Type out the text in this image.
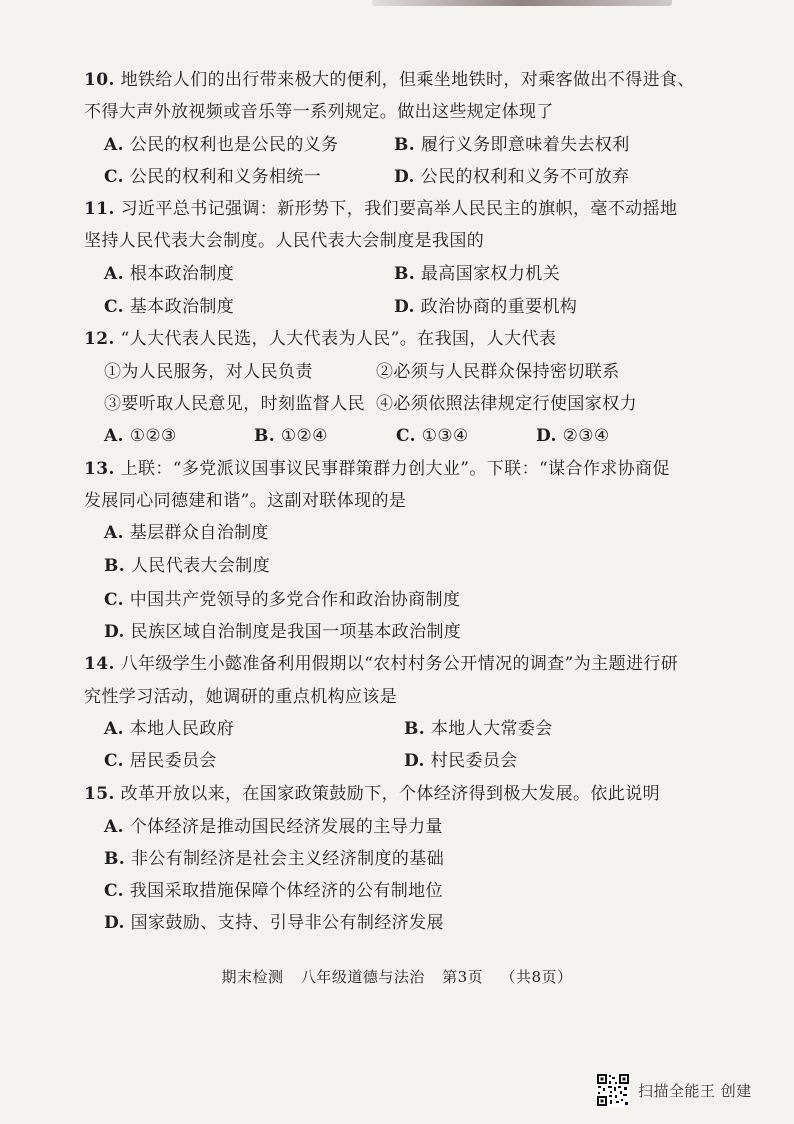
10. 地铁给人们的出行带来极大的便利，但乘坐地铁时，对乘客做出不得进食、
不得大声外放视频或音乐等一系列规定。做出这些规定体现了
A. 公民的权利也是公民的义务	B. 履行义务即意味着失去权利
C. 公民的权利和义务相统一	D. 公民的权利和义务不可放弃
11. 习近平总书记强调：新形势下，我们要高举人民民主的旗帜，毫不动摇地
坚持人民代表大会制度。人民代表大会制度是我国的
A. 根本政治制度	B. 最高国家权力机关
C. 基本政治制度	D. 政治协商的重要机构
12. “人大代表人民选，人大代表为人民”。在我国，人大代表
①为人民服务，对人民负责	②必须与人民群众保持密切联系
③要听取人民意见，时刻监督人民 ④必须依照法律规定行使国家权力
A. ①②③	B. ①②④	C. ①③④	D. ②③④
13. 上联：“多党派议国事议民事群策群力创大业”。下联：“谋合作求协商促
发展同心同德建和谐”。这副对联体现的是
A. 基层群众自治制度
B. 人民代表大会制度
C. 中国共产党领导的多党合作和政治协商制度
D. 民族区域自治制度是我国一项基本政治制度
14. 八年级学生小懿准备利用假期以“农村村务公开情况的调查”为主题进行研
究性学习活动，她调研的重点机构应该是
A. 本地人民政府	B. 本地人大常委会
C. 居民委员会	D. 村民委员会
15. 改革开放以来，在国家政策鼓励下，个体经济得到极大发展。依此说明
A. 个体经济是推动国民经济发展的主导力量
B. 非公有制经济是社会主义经济制度的基础
C. 我国采取措施保障个体经济的公有制地位
D. 国家鼓励、支持、引导非公有制经济发展
期末检测 八年级道德与法治 第3页 （共8页）
扫描全能王 创建
